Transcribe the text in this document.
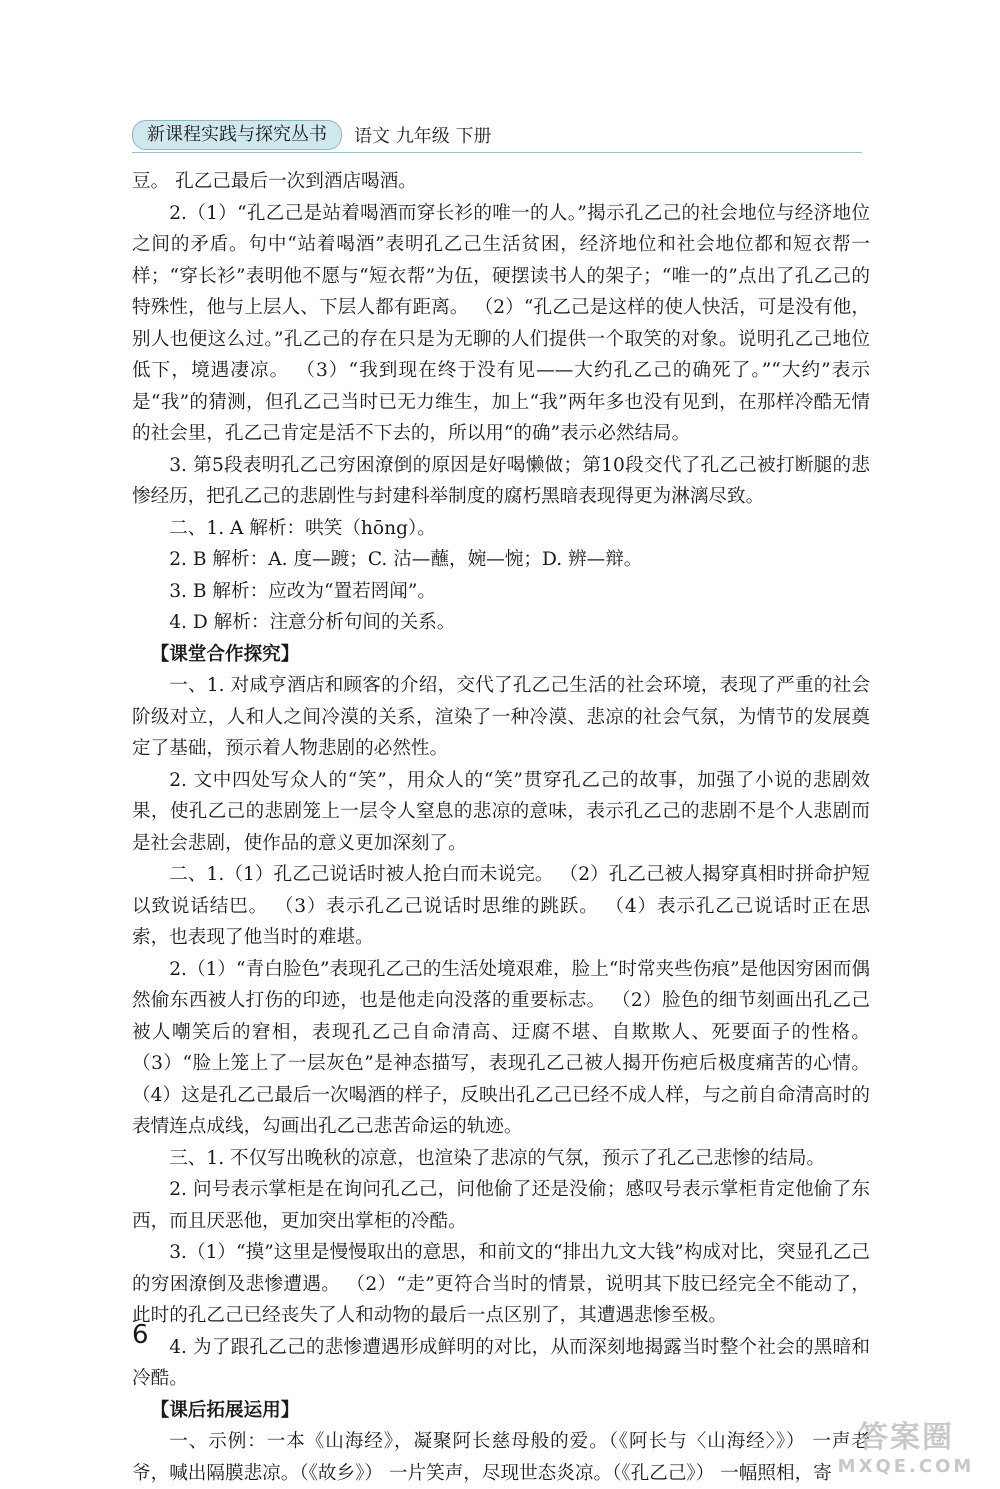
新课程实践与探究丛书	语文 九年级 下册

豆。 孔乙己最后一次到酒店喝酒。

2.（1）“孔乙己是站着喝酒而穿长衫的唯一的人。”揭示孔乙己的社会地位与经济地位之间的矛盾。句中“站着喝酒”表明孔乙己生活贫困，经济地位和社会地位都和短衣帮一样；“穿长衫”表明他不愿与“短衣帮”为伍，硬摆读书人的架子；“唯一的”点出了孔乙己的特殊性，他与上层人、下层人都有距离。 （2）“孔乙己是这样的使人快活，可是没有他，别人也便这么过。”孔乙己的存在只是为无聊的人们提供一个取笑的对象。说明孔乙己地位低下，境遇凄凉。 （3）“我到现在终于没有见——大约孔乙己的确死了。”“大约”表示是“我”的猜测，但孔乙己当时已无力维生，加上“我”两年多也没有见到，在那样冷酷无情的社会里，孔乙己肯定是活不下去的，所以用“的确”表示必然结局。

3. 第5段表明孔乙己穷困潦倒的原因是好喝懒做；第10段交代了孔乙己被打断腿的悲惨经历，把孔乙己的悲剧性与封建科举制度的腐朽黑暗表现得更为淋漓尽致。

二、1. A 解析：哄笑（hōng）。

2. B 解析：A. 度—踱；C. 沽—蘸，婉—惋；D. 辨—辩。

3. B 解析：应改为“置若罔闻”。

4. D 解析：注意分析句间的关系。

【课堂合作探究】

一、1. 对咸亨酒店和顾客的介绍，交代了孔乙己生活的社会环境，表现了严重的社会阶级对立，人和人之间冷漠的关系，渲染了一种冷漠、悲凉的社会气氛，为情节的发展奠定了基础，预示着人物悲剧的必然性。

2. 文中四处写众人的“笑”，用众人的“笑”贯穿孔乙己的故事，加强了小说的悲剧效果，使孔乙己的悲剧笼上一层令人窒息的悲凉的意味，表示孔乙己的悲剧不是个人悲剧而是社会悲剧，使作品的意义更加深刻了。

二、1.（1）孔乙己说话时被人抢白而未说完。 （2）孔乙己被人揭穿真相时拼命护短以致说话结巴。 （3）表示孔乙己说话时思维的跳跃。 （4）表示孔乙己说话时正在思索，也表现了他当时的难堪。

2.（1）“青白脸色”表现孔乙己的生活处境艰难，脸上“时常夹些伤痕”是他因穷困而偶然偷东西被人打伤的印迹，也是他走向没落的重要标志。 （2）脸色的细节刻画出孔乙己被人嘲笑后的窘相，表现孔乙己自命清高、迂腐不堪、自欺欺人、死要面子的性格。 （3）“脸上笼上了一层灰色”是神态描写，表现孔乙己被人揭开伤疤后极度痛苦的心情。 （4）这是孔乙己最后一次喝酒的样子，反映出孔乙己已经不成人样，与之前自命清高时的表情连点成线，勾画出孔乙己悲苦命运的轨迹。

三、1. 不仅写出晚秋的凉意，也渲染了悲凉的气氛，预示了孔乙己悲惨的结局。

2. 问号表示掌柜是在询问孔乙己，问他偷了还是没偷；感叹号表示掌柜肯定他偷了东西，而且厌恶他，更加突出掌柜的冷酷。

3.（1）“摸”这里是慢慢取出的意思，和前文的“排出九文大钱”构成对比，突显孔乙己的穷困潦倒及悲惨遭遇。 （2）“走”更符合当时的情景，说明其下肢已经完全不能动了，此时的孔乙己已经丧失了人和动物的最后一点区别了，其遭遇悲惨至极。

4. 为了跟孔乙己的悲惨遭遇形成鲜明的对比，从而深刻地揭露当时整个社会的黑暗和冷酷。

【课后拓展运用】

一、示例：一本《山海经》，凝聚阿长慈母般的爱。（《阿长与〈山海经〉》） 一声老爷，喊出隔膜悲凉。（《故乡》） 一片笑声，尽现世态炎凉。（《孔乙己》） 一幅照相，寄

6
答案圈
MXQE.COM
